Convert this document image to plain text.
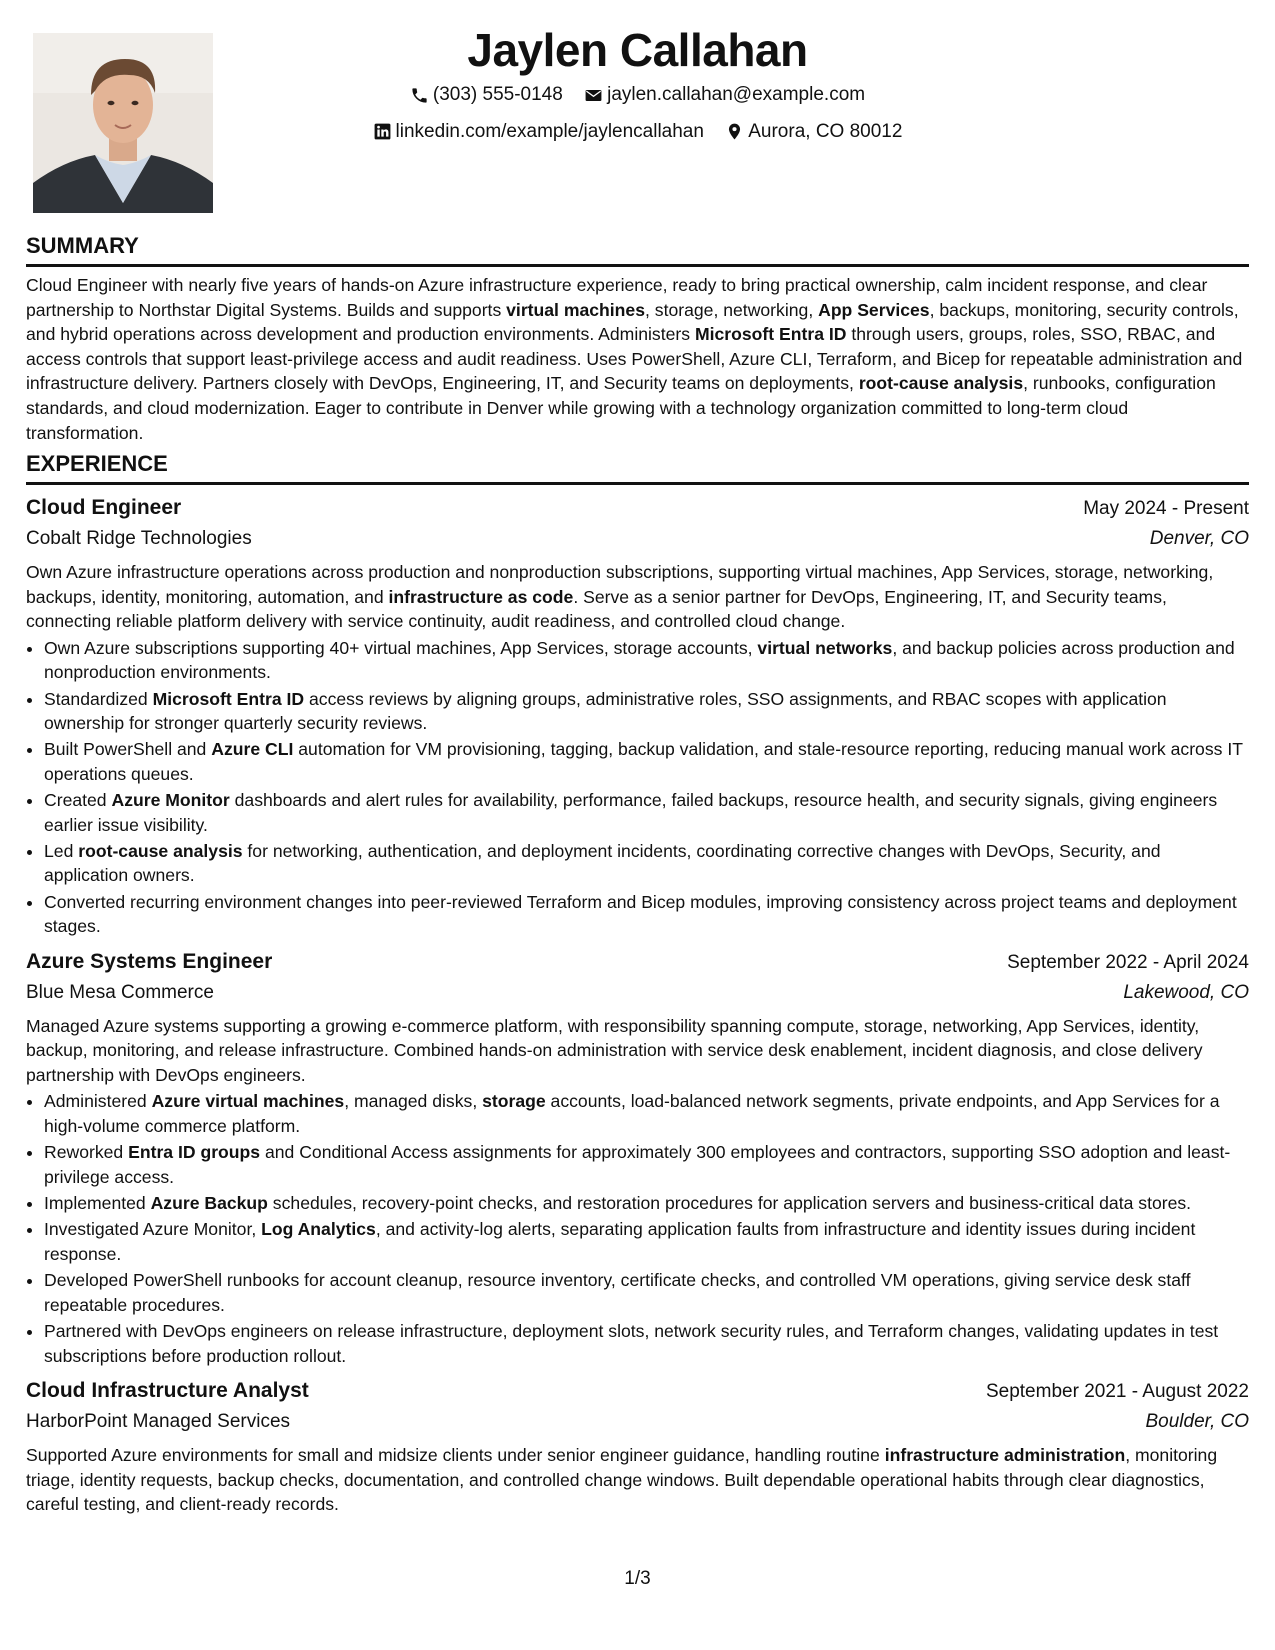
Jaylen Callahan
(303) 555-0148
jaylen.callahan@example.com
linkedin.com/example/jaylencallahan
Aurora, CO 80012
SUMMARY

Cloud Engineer with nearly five years of hands-on Azure infrastructure experience, ready to bring practical ownership, calm incident response, and clear partnership to Northstar Digital Systems. Builds and supports virtual machines, storage, networking, App Services, backups, monitoring, security controls, and hybrid operations across development and production environments. Administers Microsoft Entra ID through users, groups, roles, SSO, RBAC, and access controls that support least-privilege access and audit readiness. Uses PowerShell, Azure CLI, Terraform, and Bicep for repeatable administration and infrastructure delivery. Partners closely with DevOps, Engineering, IT, and Security teams on deployments, root-cause analysis, runbooks, configuration standards, and cloud modernization. Eager to contribute in Denver while growing with a technology organization committed to long-term cloud transformation.

EXPERIENCE
Cloud Engineer	May 2024 - Present
Cobalt Ridge Technologies	Denver, CO

Own Azure infrastructure operations across production and nonproduction subscriptions, supporting virtual machines, App Services, storage, networking, backups, identity, monitoring, automation, and infrastructure as code. Serve as a senior partner for DevOps, Engineering, IT, and Security teams, connecting reliable platform delivery with service continuity, audit readiness, and controlled cloud change.

• Own Azure subscriptions supporting 40+ virtual machines, App Services, storage accounts, virtual networks, and backup policies across production and nonproduction environments.
• Standardized Microsoft Entra ID access reviews by aligning groups, administrative roles, SSO assignments, and RBAC scopes with application ownership for stronger quarterly security reviews.
• Built PowerShell and Azure CLI automation for VM provisioning, tagging, backup validation, and stale-resource reporting, reducing manual work across IT operations queues.
• Created Azure Monitor dashboards and alert rules for availability, performance, failed backups, resource health, and security signals, giving engineers earlier issue visibility.
• Led root-cause analysis for networking, authentication, and deployment incidents, coordinating corrective changes with DevOps, Security, and application owners.
• Converted recurring environment changes into peer-reviewed Terraform and Bicep modules, improving consistency across project teams and deployment stages.
Azure Systems Engineer	September 2022 - April 2024
Blue Mesa Commerce	Lakewood, CO

Managed Azure systems supporting a growing e-commerce platform, with responsibility spanning compute, storage, networking, App Services, identity, backup, monitoring, and release infrastructure. Combined hands-on administration with service desk enablement, incident diagnosis, and close delivery partnership with DevOps engineers.

• Administered Azure virtual machines, managed disks, storage accounts, load-balanced network segments, private endpoints, and App Services for a high-volume commerce platform.
• Reworked Entra ID groups and Conditional Access assignments for approximately 300 employees and contractors, supporting SSO adoption and least-privilege access.
• Implemented Azure Backup schedules, recovery-point checks, and restoration procedures for application servers and business-critical data stores.
• Investigated Azure Monitor, Log Analytics, and activity-log alerts, separating application faults from infrastructure and identity issues during incident response.
• Developed PowerShell runbooks for account cleanup, resource inventory, certificate checks, and controlled VM operations, giving service desk staff repeatable procedures.
• Partnered with DevOps engineers on release infrastructure, deployment slots, network security rules, and Terraform changes, validating updates in test subscriptions before production rollout.
Cloud Infrastructure Analyst	September 2021 - August 2022
HarborPoint Managed Services	Boulder, CO

Supported Azure environments for small and midsize clients under senior engineer guidance, handling routine infrastructure administration, monitoring triage, identity requests, backup checks, documentation, and controlled change windows. Built dependable operational habits through clear diagnostics, careful testing, and client-ready records.

1/3
